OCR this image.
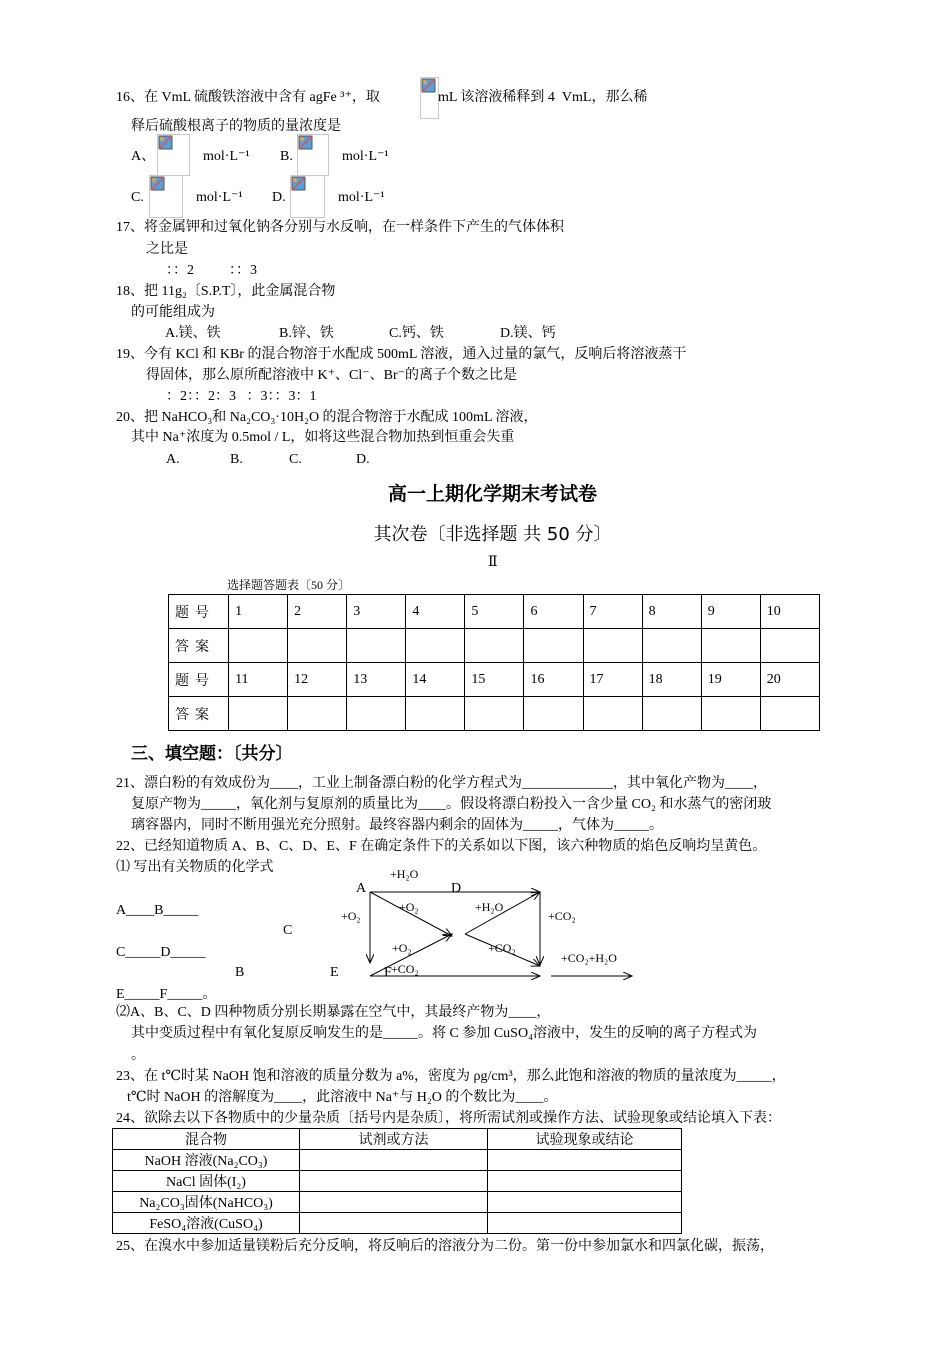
16、在 VmL 硫酸铁溶液中含有 agFe ³⁺，取	mL 该溶液稀释到 4  VmL，那么稀
释后硫酸根离子的物质的量浓度是
A、	mol·L⁻¹ B.	mol·L⁻¹
C.	mol·L⁻¹ D.	mol·L⁻¹
17、将金属钾和过氧化钠各分别与水反响，在一样条件下产生的气体体积
之比是
：：2          ：：3
18、把 11g₂〔S.P.T〕，此金属混合物
的可能组成为
A.镁、铁	B.锌、铁	C.钙、铁	D.镁、钙
19、今有 KCl 和 KBr 的混合物溶于水配成 500mL 溶液，通入过量的氯气，反响后将溶液蒸干
得固体，那么原所配溶液中 K⁺、Cl⁻、Br⁻的离子个数之比是
：2：：2：3   ：3：：3：1
20、把 NaHCO₃和 Na₂CO₃·10H₂O 的混合物溶于水配成 100mL 溶液，
其中 Na⁺浓度为 0.5mol / L，如将这些混合物加热到恒重会失重
A.	B.	C.	D.
高一上期化学期末考试卷
其次卷〔非选择题 共 50 分〕
Ⅱ
选择题答题表〔50 分〕
题号	1	2	3	4	5	6	7	8	9	10
答案										
题号	11	12	13	14	15	16	17	18	19	20
答案										
三、填空题：〔共分〕
21、漂白粉的有效成份为____，工业上制备漂白粉的化学方程式为_____________，其中氧化产物为____，
复原产物为_____，氧化剂与复原剂的质量比为____。假设将漂白粉投入一含少量 CO₂ 和水蒸气的密闭玻
璃容器内，同时不断用强光充分照射。最终容器内剩余的固体为_____，气体为_____。
22、已经知道物质 A、B、C、D、E、F 在确定条件下的关系如以下图，该六种物质的焰色反响均呈黄色。
⑴ 写出有关物质的化学式
A____B_____
C_____D_____
E_____F_____。
A	D
C
B	E	F
+H₂O
+O₂
+O₂	+H₂O
+CO₂
+O₂	+CO₂
+CO₂
+CO₂+H₂O
⑵A、B、C、D 四种物质分别长期暴露在空气中，其最终产物为____，
其中变质过程中有氧化复原反响发生的是_____。将 C 参加 CuSO₄溶液中，发生的反响的离子方程式为
。
23、在 t℃时某 NaOH 饱和溶液的质量分数为 a%，密度为 ρg/cm³，那么此饱和溶液的物质的量浓度为_____，
t℃时 NaOH 的溶解度为____，此溶液中 Na⁺与 H₂O 的个数比为____。
24、欲除去以下各物质中的少量杂质〔括号内是杂质〕，将所需试剂或操作方法、试验现象或结论填入下表：
混合物	试剂或方法	试验现象或结论
NaOH 溶液(Na₂CO₃)		
NaCl 固体(I₂)		
Na₂CO₃固体(NaHCO₃)		
FeSO₄溶液(CuSO₄)		
25、在溴水中参加适量镁粉后充分反响，将反响后的溶液分为二份。第一份中参加氯水和四氯化碳，振荡，
